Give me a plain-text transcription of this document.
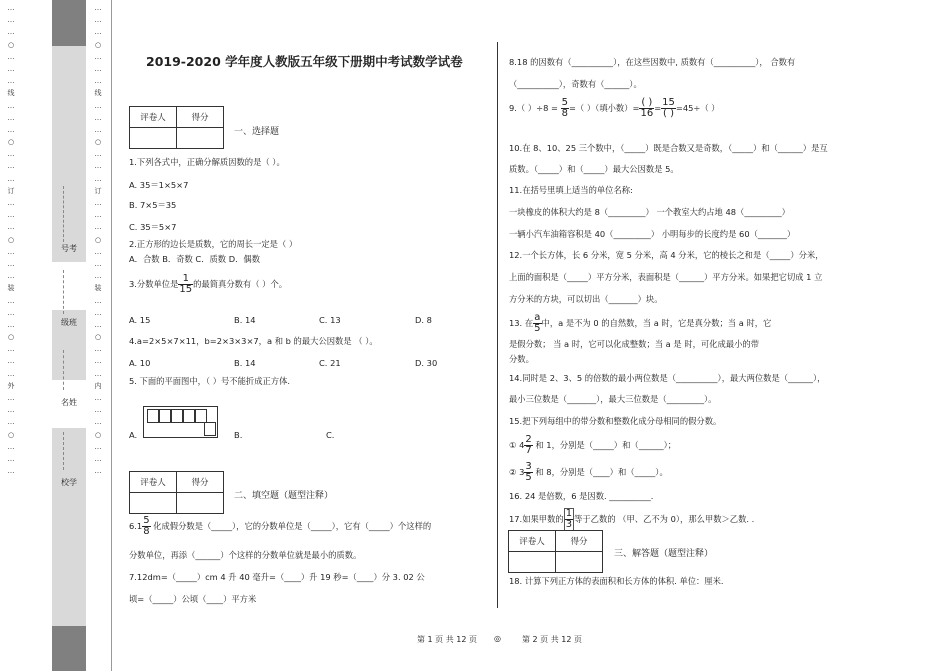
…
…
…
○
…
…
…
线
…
…
…
○
…
…
…
订
…
…
…
○
…
…
…
装
…
…
…
○
…
…
…
外
…
…
…
○
…
…
…
…
…
…
○
…
…
…
线
…
…
…
○
…
…
…
订
…
…
…
○
…
…
…
装
…
…
…
○
…
…
…
内
…
…
…
○
…
…
…
号考
级班
名姓
校学
2019-2020 学年度人教版五年级下册期中考试数学试卷
评卷人	得分

一、选择题
1.下列各式中，正确分解质因数的是（ ）。
A. 35＝1×5×7
B. 7×5＝35
C. 35＝5×7
2.正方形的边长是质数，它的周长一定是（ ）
A．合数 B．奇数 C．质数 D．偶数
3.分数单位是 $\frac{1}{15}$ 的最简真分数有（ ）个。
A. 15	B. 14	C. 13	D. 8
4.a=2×5×7×11，b=2×3×3×7，a 和 b 的最大公因数是 （ ）。
A. 10	B. 14	C. 21	D. 30
5. 下面的平面图中，（ ）号不能折成正方体.
A.	B.	C.
评卷人	得分

二、填空题（题型注释）
$6.1 \frac{5}{8}$ 化成假分数是（_____），它的分数单位是（_____），它有（_____）个这样的
分数单位，再添（______）个这样的分数单位就是最小的质数。
7.12dm=（_____）cm 4 升 40 毫升=（____）升 19 秒=（____）分 3. 02 公
顷=（_____）公顷（____）平方米
8.18 的因数有（__________），在这些因数中, 质数有（__________）， 合数有
（__________），奇数有（______）。
9.（ ）$\div 8 = \frac{5}{8}$ =（ ）（填小数）= $\frac{( )}{16} = \frac{15}{( )} =45\div$（ ）
10.在 8、10、25 三个数中，（_____）既是合数又是奇数，（_____）和（______）是互
质数。（_____）和（_____）最大公因数是 5。
11.在括号里填上适当的单位名称:
一块橡皮的体积大约是 8（_________） 一个教室大约占地 48（_________）
一辆小汽车油箱容积是 40（_________） 小明每步的长度约是 60（_______）
12.一个长方体，长 6 分米，宽 5 分米，高 4 分米，它的棱长之和是（_____）分米，
上面的面积是（_____）平方分米，表面积是（______）平方分米。如果把它切成 1 立
方分米的方块，可以切出（_______）块。
13. 在 $\frac{a}{5}$ 中，a 是不为 0 的自然数，当 a 时，它是真分数；当 a 时，它
是假分数； 当 a 时，它可以化成整数；当 a 是 时，可化成最小的带
分数。
14.同时是 2、3、5 的倍数的最小两位数是（__________），最大两位数是（______），
最小三位数是（_______），最大三位数是（_________）。
15.把下列每组中的带分数和整数化成分母相同的假分数。
① $4 \frac{2}{7}$ 和 1，分别是（_____）和（______）；
② $3 \frac{3}{5}$ 和 8，分别是（____）和（_____）。
16. 24 是倍数，6 是因数. __________.
17.如果甲数的 $\frac{1}{3}$ 等于乙数的 （甲、乙不为 0），那么甲数＞乙数. .
评卷人	得分

三、解答题（题型注释）
18. 计算下列正方体的表面积和长方体的体积. 单位：厘米.
第 1 页 共 12 页 ◎	第 2 页 共 12 页
